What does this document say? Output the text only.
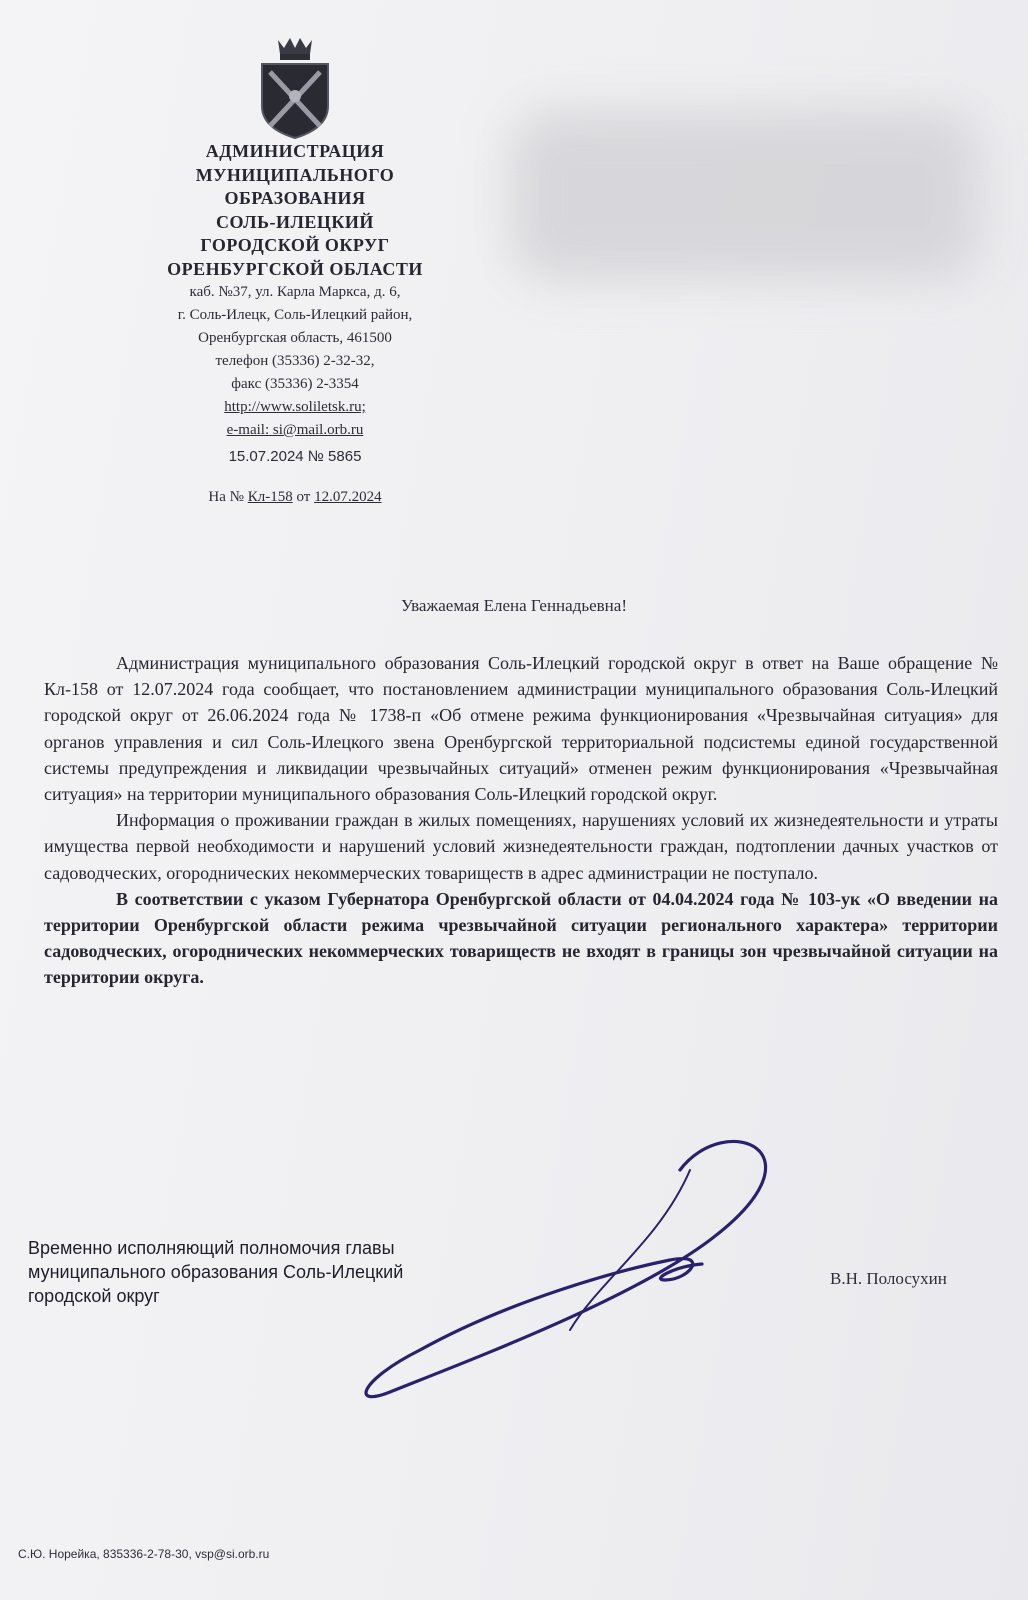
АДМИНИСТРАЦИЯ
МУНИЦИПАЛЬНОГО
ОБРАЗОВАНИЯ
СОЛЬ-ИЛЕЦКИЙ
ГОРОДСКОЙ ОКРУГ
ОРЕНБУРГСКОЙ ОБЛАСТИ
каб. №37, ул. Карла Маркса, д. 6,
г. Соль-Илецк, Соль-Илецкий район,
Оренбургская область, 461500
телефон (35336) 2-32-32,
факс (35336) 2-3354
http://www.soliletsk.ru;
e-mail: si@mail.orb.ru
15.07.2024 № 5865
На № Кл-158 от 12.07.2024
Уважаемая Елена Геннадьевна!

Администрация муниципального образования Соль-Илецкий городской округ в ответ на Ваше обращение № Кл-158 от 12.07.2024 года сообщает, что постановлением администрации муниципального образования Соль-Илецкий городской округ от 26.06.2024 года № 1738-п «Об отмене режима функционирования «Чрезвычайная ситуация» для органов управления и сил Соль-Илецкого звена Оренбургской территориальной подсистемы единой государственной системы предупреждения и ликвидации чрезвычайных ситуаций» отменен режим функционирования «Чрезвычайная ситуация» на территории муниципального образования Соль-Илецкий городской округ.

Информация о проживании граждан в жилых помещениях, нарушениях условий их жизнедеятельности и утраты имущества первой необходимости и нарушений условий жизнедеятельности граждан, подтоплении дачных участков от садоводческих, огороднических некоммерческих товариществ в адрес администрации не поступало.

В соответствии с указом Губернатора Оренбургской области от 04.04.2024 года № 103-ук «О введении на территории Оренбургской области режима чрезвычайной ситуации регионального характера» территории садоводческих, огороднических некоммерческих товариществ не входят в границы зон чрезвычайной ситуации на территории округа.

Временно исполняющий полномочия главы
муниципального образования Соль-Илецкий
городской округ
В.Н. Полосухин
С.Ю. Норейка, 835336-2-78-30, vsp@si.orb.ru
